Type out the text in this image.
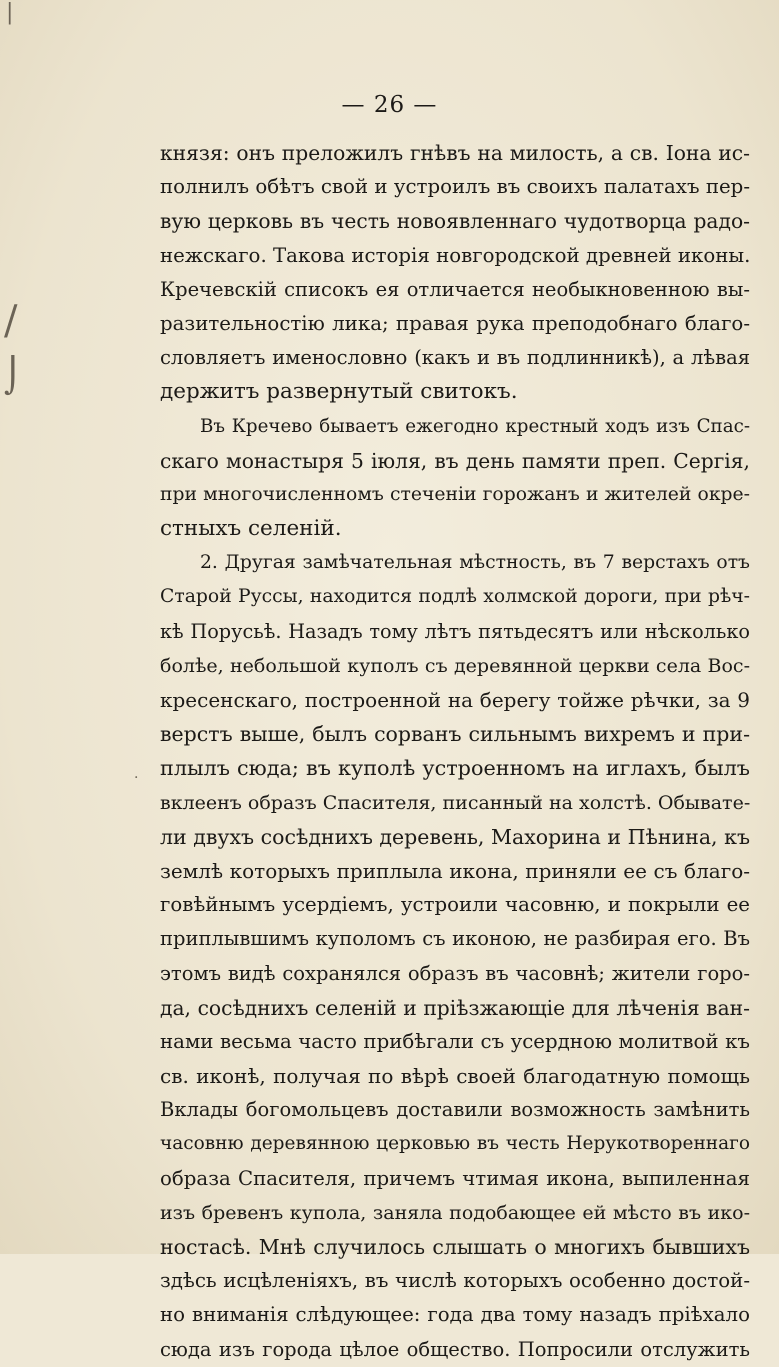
|
/
⌡
·
— 26 —
князя: онъ преложилъ гнѣвъ на милость, а св. Іона ис-
полнилъ обѣтъ свой и устроилъ въ своихъ палатахъ пер-
вую церковь въ честь новоявленнаго чудотворца радо-
нежскаго. Такова исторія новгородской древней иконы.
Кречевскій списокъ ея отличается необыкновенною вы-
разительностію лика; правая рука преподобнаго благо-
словляетъ именословно (какъ и въ подлинникѣ), а лѣвая
держитъ развернутый свитокъ.
Въ Кречево бываетъ ежегодно крестный ходъ изъ Спас-
скаго монастыря 5 іюля, въ день памяти преп. Сергія,
при многочисленномъ стеченіи горожанъ и жителей окре-
стныхъ селеній.
2. Другая замѣчательная мѣстность, въ 7 верстахъ отъ
Старой Руссы, находится подлѣ холмской дороги, при рѣч-
кѣ Порусьѣ. Назадъ тому лѣтъ пятьдесятъ или нѣсколько
болѣе, небольшой куполъ съ деревянной церкви села Вос-
кресенскаго, построенной на берегу тойже рѣчки, за 9
верстъ выше, былъ сорванъ сильнымъ вихремъ и при-
плылъ сюда; въ куполѣ устроенномъ на иглахъ, былъ
вклеенъ образъ Спасителя, писанный на холстѣ. Обывате-
ли двухъ сосѣднихъ деревень, Махорина и Пѣнина, къ
землѣ которыхъ приплыла икона, приняли ее съ благо-
говѣйнымъ усердіемъ, устроили часовню, и покрыли ее
приплывшимъ куполомъ съ иконою, не разбирая его. Въ
этомъ видѣ сохранялся образъ въ часовнѣ; жители горо-
да, сосѣднихъ селеній и пріѣзжающіе для лѣченія ван-
нами весьма часто прибѣгали съ усердною молитвой къ
св. иконѣ, получая по вѣрѣ своей благодатную помощь
Вклады богомольцевъ доставили возможность замѣнить
часовню деревянною церковью въ честь Нерукотвореннаго
образа Спасителя, причемъ чтимая икона, выпиленная
изъ бревенъ купола, заняла подобающее ей мѣсто въ ико-
ностасѣ. Мнѣ случилось слышать о многихъ бывшихъ
здѣсь исцѣленіяхъ, въ числѣ которыхъ особенно достой-
но вниманія слѣдующее: года два тому назадъ пріѣхало
сюда изъ города цѣлое общество. Попросили отслужить
